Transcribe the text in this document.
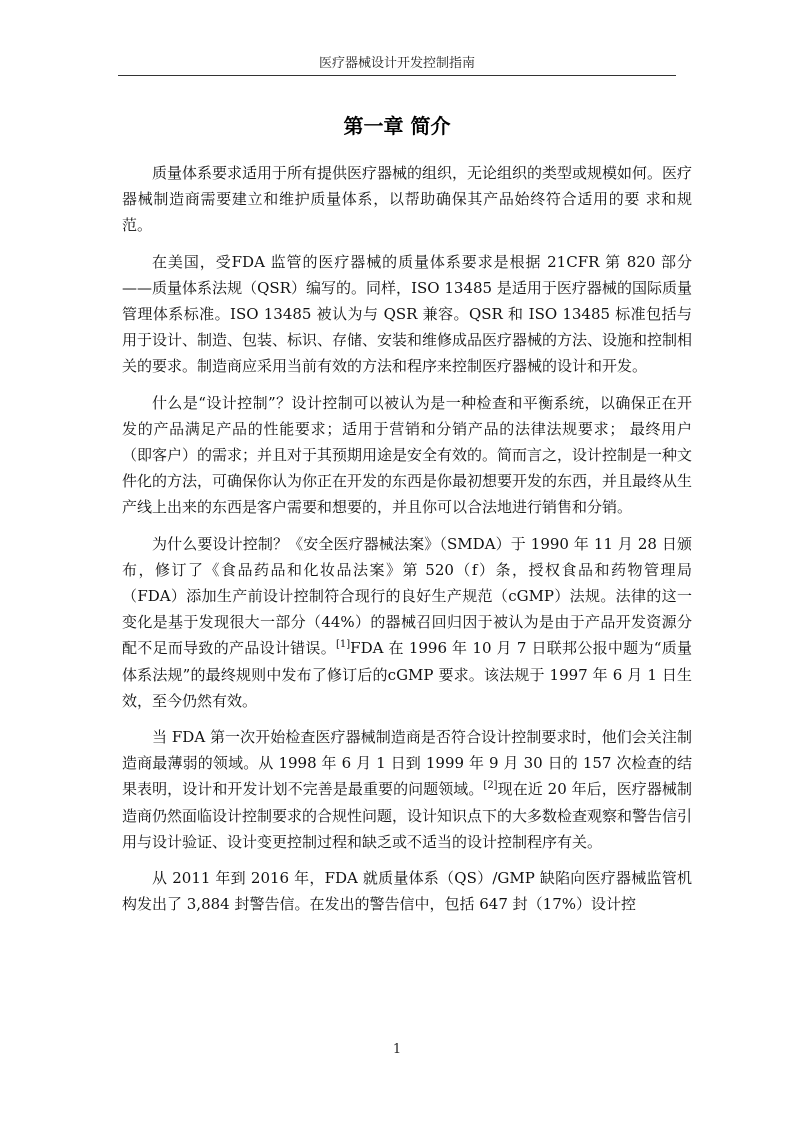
医疗器械设计开发控制指南
第一章 简介

质量体系要求适用于所有提供医疗器械的组织，无论组织的类型或规模如何。医疗器械制造商需要建立和维护质量体系，以帮助确保其产品始终符合适用的要 求和规范。

在美国，受FDA 监管的医疗器械的质量体系要求是根据 21CFR 第 820 部分——质量体系法规（QSR）编写的。同样，ISO 13485 是适用于医疗器械的国际质量管理体系标准。ISO 13485 被认为与 QSR 兼容。QSR 和 ISO 13485 标准包括与用于设计、制造、包装、标识、存储、安装和维修成品医疗器械的方法、设施和控制相关的要求。制造商应采用当前有效的方法和程序来控制医疗器械的设计和开发。

什么是“设计控制”？设计控制可以被认为是一种检查和平衡系统，以确保正在开发的产品满足产品的性能要求；适用于营销和分销产品的法律法规要求； 最终用户（即客户）的需求；并且对于其预期用途是安全有效的。简而言之，设计控制是一种文件化的方法，可确保你认为你正在开发的东西是你最初想要开发的东西，并且最终从生产线上出来的东西是客户需要和想要的，并且你可以合法地进行销售和分销。

为什么要设计控制？《安全医疗器械法案》（SMDA）于 1990 年 11 月 28 日颁布，修订了《食品药品和化妆品法案》第 520（f）条，授权食品和药物管理局 （FDA）添加生产前设计控制符合现行的良好生产规范（cGMP）法规。法律的这一变化是基于发现很大一部分（44%）的器械召回归因于被认为是由于产品开发资源分配不足而导致的产品设计错误。[1]FDA 在 1996 年 10 月 7 日联邦公报中题为“质量体系法规”的最终规则中发布了修订后的cGMP 要求。该法规于 1997 年 6 月 1 日生效，至今仍然有效。

当 FDA 第一次开始检查医疗器械制造商是否符合设计控制要求时，他们会关注制造商最薄弱的领域。从 1998 年 6 月 1 日到 1999 年 9 月 30 日的 157 次检查的结果表明，设计和开发计划不完善是最重要的问题领域。[2]现在近 20 年后，医疗器械制造商仍然面临设计控制要求的合规性问题，设计知识点下的大多数检查观察和警告信引用与设计验证、设计变更控制过程和缺乏或不适当的设计控制程序有关。

从 2011 年到 2016 年，FDA 就质量体系（QS）/GMP 缺陷向医疗器械监管机构发出了 3,884 封警告信。在发出的警告信中，包括 647 封（17%）设计控

1
